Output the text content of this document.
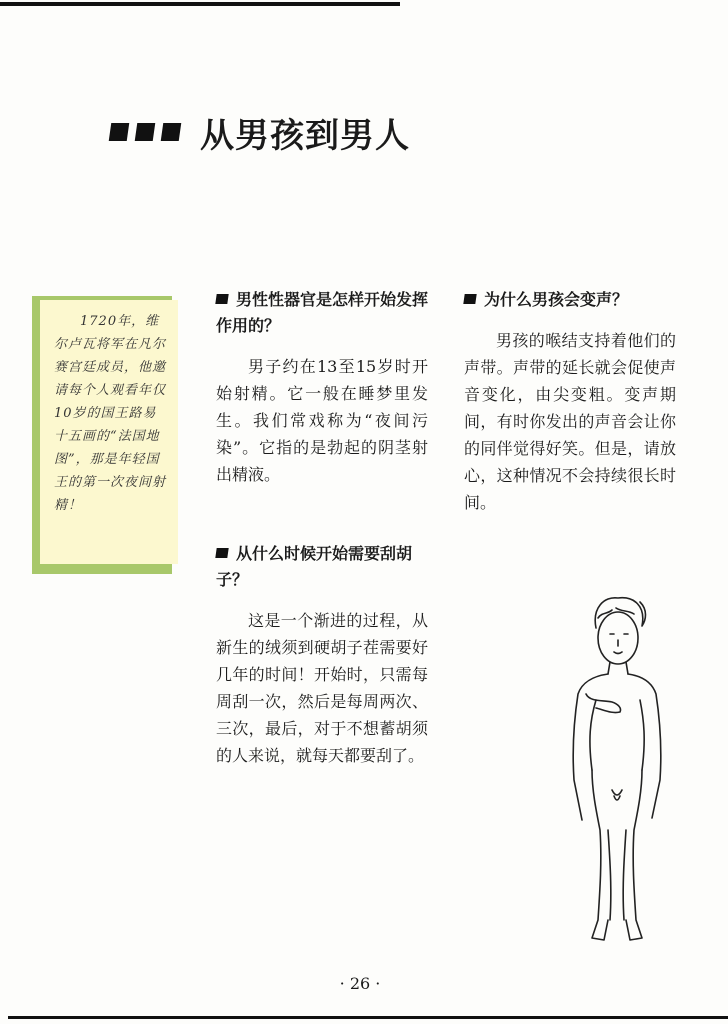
从男孩到男人
1720年，维尔卢瓦将军在凡尔赛宫廷成员，他邀请每个人观看年仅10岁的国王路易十五画的“法国地图”，那是年轻国王的第一次夜间射精！
男性性器官是怎样开始发挥作用的？
男子约在13至15岁时开始射精。它一般在睡梦里发生。我们常戏称为“夜间污染”。它指的是勃起的阴茎射出精液。
从什么时候开始需要刮胡子？
这是一个渐进的过程，从新生的绒须到硬胡子茬需要好几年的时间！开始时，只需每周刮一次，然后是每周两次、三次，最后，对于不想蓄胡须的人来说，就每天都要刮了。
为什么男孩会变声？
男孩的喉结支持着他们的声带。声带的延长就会促使声音变化，由尖变粗。变声期间，有时你发出的声音会让你的同伴觉得好笑。但是，请放心，这种情况不会持续很长时间。
· 26 ·
